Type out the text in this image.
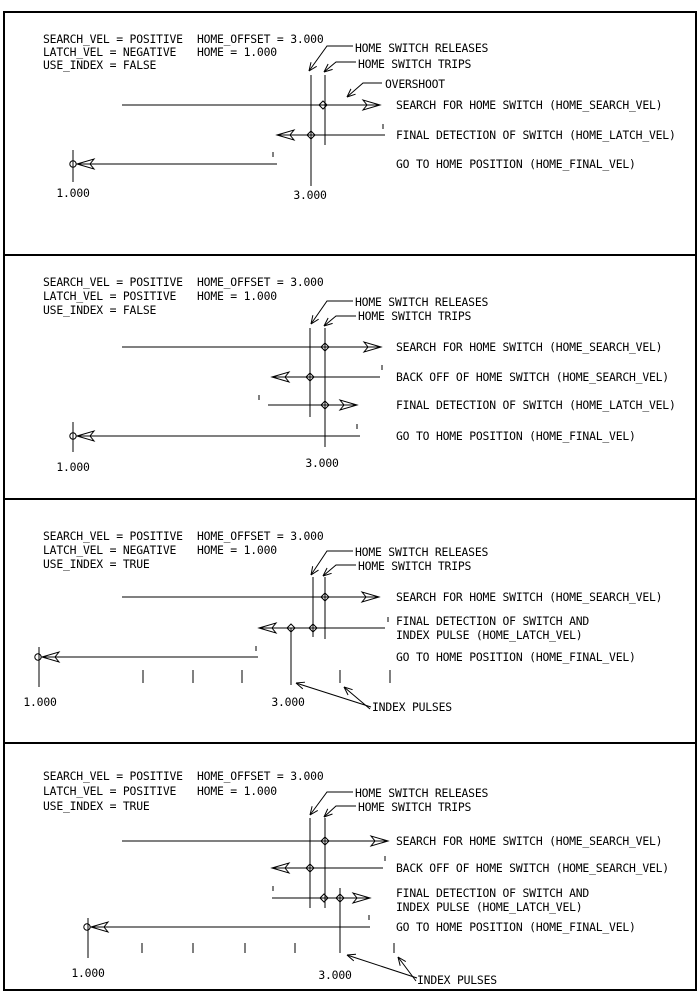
SEARCH_VEL = POSITIVE HOME_OFFSET = 3.000
LATCH_VEL = NEGATIVE HOME = 1.000
USE_INDEX = FALSE
HOME SWITCH RELEASES
HOME SWITCH TRIPS
OVERSHOOT
SEARCH FOR HOME SWITCH (HOME_SEARCH_VEL)
FINAL DETECTION OF SWITCH (HOME_LATCH_VEL)
GO TO HOME POSITION (HOME_FINAL_VEL)
1.000	3.000
SEARCH_VEL = POSITIVE HOME_OFFSET = 3.000
LATCH_VEL = POSITIVE HOME = 1.000
USE_INDEX = FALSE
HOME SWITCH RELEASES
HOME SWITCH TRIPS
SEARCH FOR HOME SWITCH (HOME_SEARCH_VEL)
BACK OFF OF HOME SWITCH (HOME_SEARCH_VEL)
FINAL DETECTION OF SWITCH (HOME_LATCH_VEL)
GO TO HOME POSITION (HOME_FINAL_VEL)
1.000	3.000
SEARCH_VEL = POSITIVE HOME_OFFSET = 3.000
LATCH_VEL = NEGATIVE HOME = 1.000
USE_INDEX = TRUE
HOME SWITCH RELEASES
HOME SWITCH TRIPS
SEARCH FOR HOME SWITCH (HOME_SEARCH_VEL)
FINAL DETECTION OF SWITCH AND
INDEX PULSE (HOME_LATCH_VEL)
GO TO HOME POSITION (HOME_FINAL_VEL)
1.000	3.000	INDEX PULSES
SEARCH_VEL = POSITIVE HOME_OFFSET = 3.000
LATCH_VEL = POSITIVE HOME = 1.000
USE_INDEX = TRUE
HOME SWITCH RELEASES
HOME SWITCH TRIPS
SEARCH FOR HOME SWITCH (HOME_SEARCH_VEL)
BACK OFF OF HOME SWITCH (HOME_SEARCH_VEL)
FINAL DETECTION OF SWITCH AND
INDEX PULSE (HOME_LATCH_VEL)
GO TO HOME POSITION (HOME_FINAL_VEL)
1.000	3.000	INDEX PULSES
